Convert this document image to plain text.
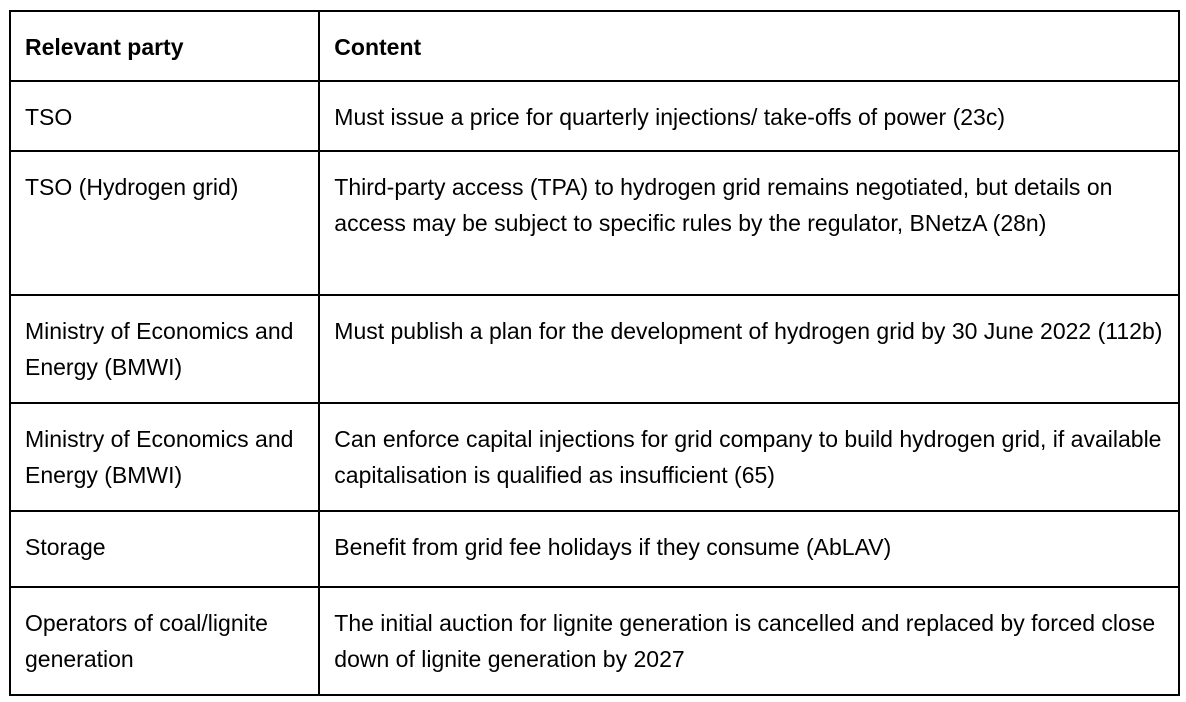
Relevant party	Content
TSO	Must issue a price for quarterly injections/ take-offs of power (23c)
TSO (Hydrogen grid)	Third-party access (TPA) to hydrogen grid remains negotiated, but details on access may be subject to specific rules by the regulator, BNetzA (28n)
Ministry of Economics and Energy (BMWI)	Must publish a plan for the development of hydrogen grid by 30 June 2022 (112b)
Ministry of Economics and Energy (BMWI)	Can enforce capital injections for grid company to build hydrogen grid, if available capitalisation is qualified as insufficient (65)
Storage	Benefit from grid fee holidays if they consume (AbLAV)
Operators of coal/lignite generation	The initial auction for lignite generation is cancelled and replaced by forced close down of lignite generation by 2027
